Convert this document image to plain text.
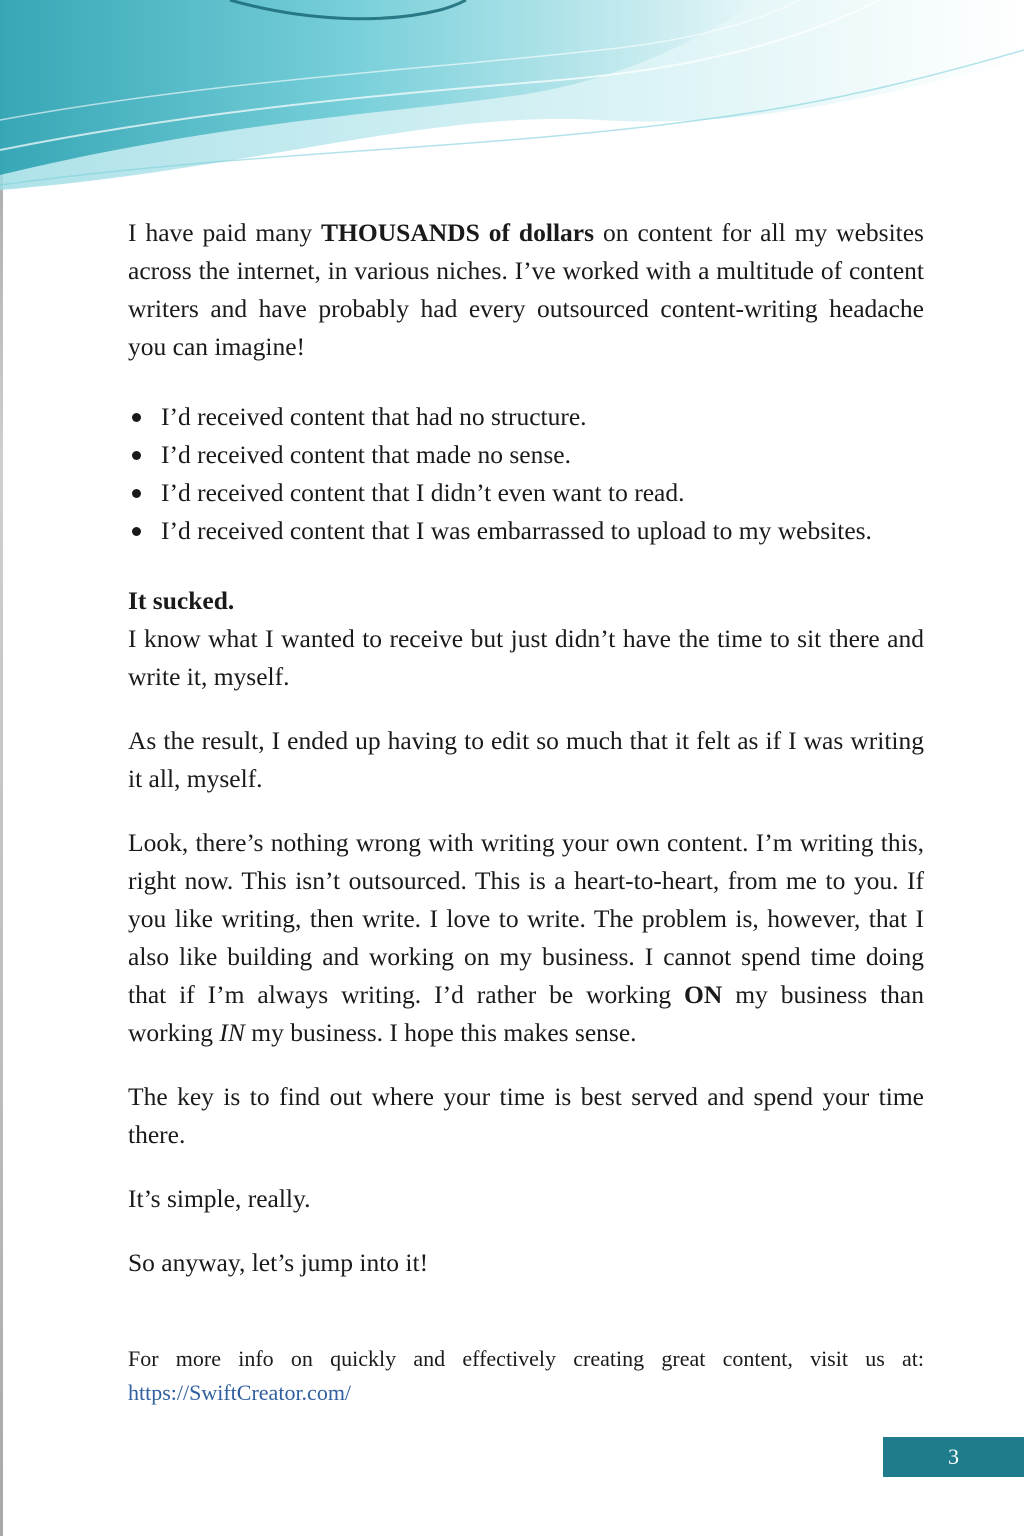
I have paid many THOUSANDS of dollars on content for all my websites across the internet, in various niches. I’ve worked with a multitude of content writers and have probably had every outsourced content-writing headache you can imagine!

I’d received content that had no structure.
I’d received content that made no sense.
I’d received content that I didn’t even want to read.
I’d received content that I was embarrassed to upload to my websites.
It sucked.

I know what I wanted to receive but just didn’t have the time to sit there and write it, myself.

As the result, I ended up having to edit so much that it felt as if I was writing it all, myself.

Look, there’s nothing wrong with writing your own content. I’m writing this, right now. This isn’t outsourced. This is a heart-to-heart, from me to you. If you like writing, then write. I love to write. The problem is, however, that I also like building and working on my business. I cannot spend time doing that if I’m always writing. I’d rather be working ON my business than working IN my business. I hope this makes sense.

The key is to find out where your time is best served and spend your time there.

It’s simple, really.

So anyway, let’s jump into it!

For more info on quickly and effectively creating great content, visit us at:

https://SwiftCreator.com/
3
